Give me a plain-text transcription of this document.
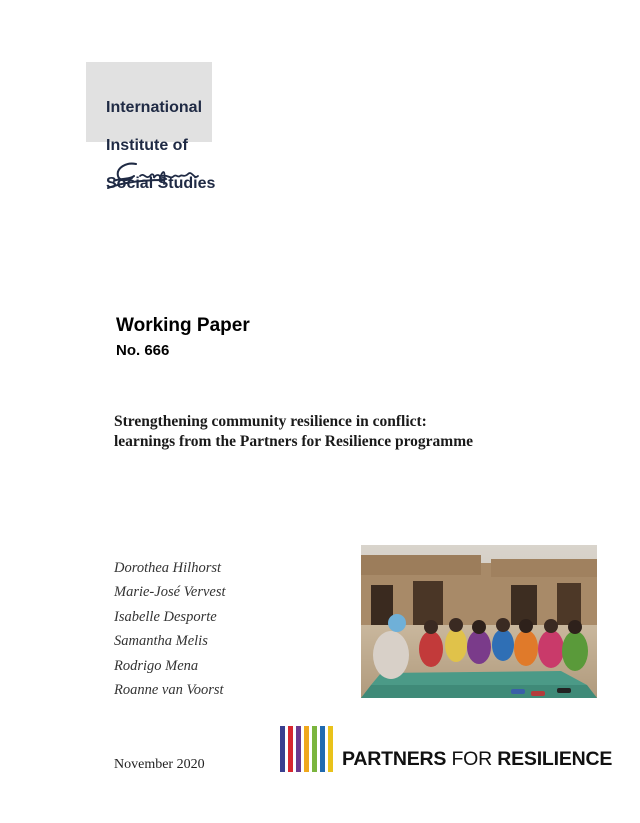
International

Institute of

Social Studies

Working Paper
No. 666
Strengthening community resilience in conflict:
learnings from the Partners for Resilience programme
Dorothea Hilhorst
Marie-José Vervest
Isabelle Desporte
Samantha Melis
Rodrigo Mena
Roanne van Voorst
November 2020	PARTNERS FOR RESILIENCE
